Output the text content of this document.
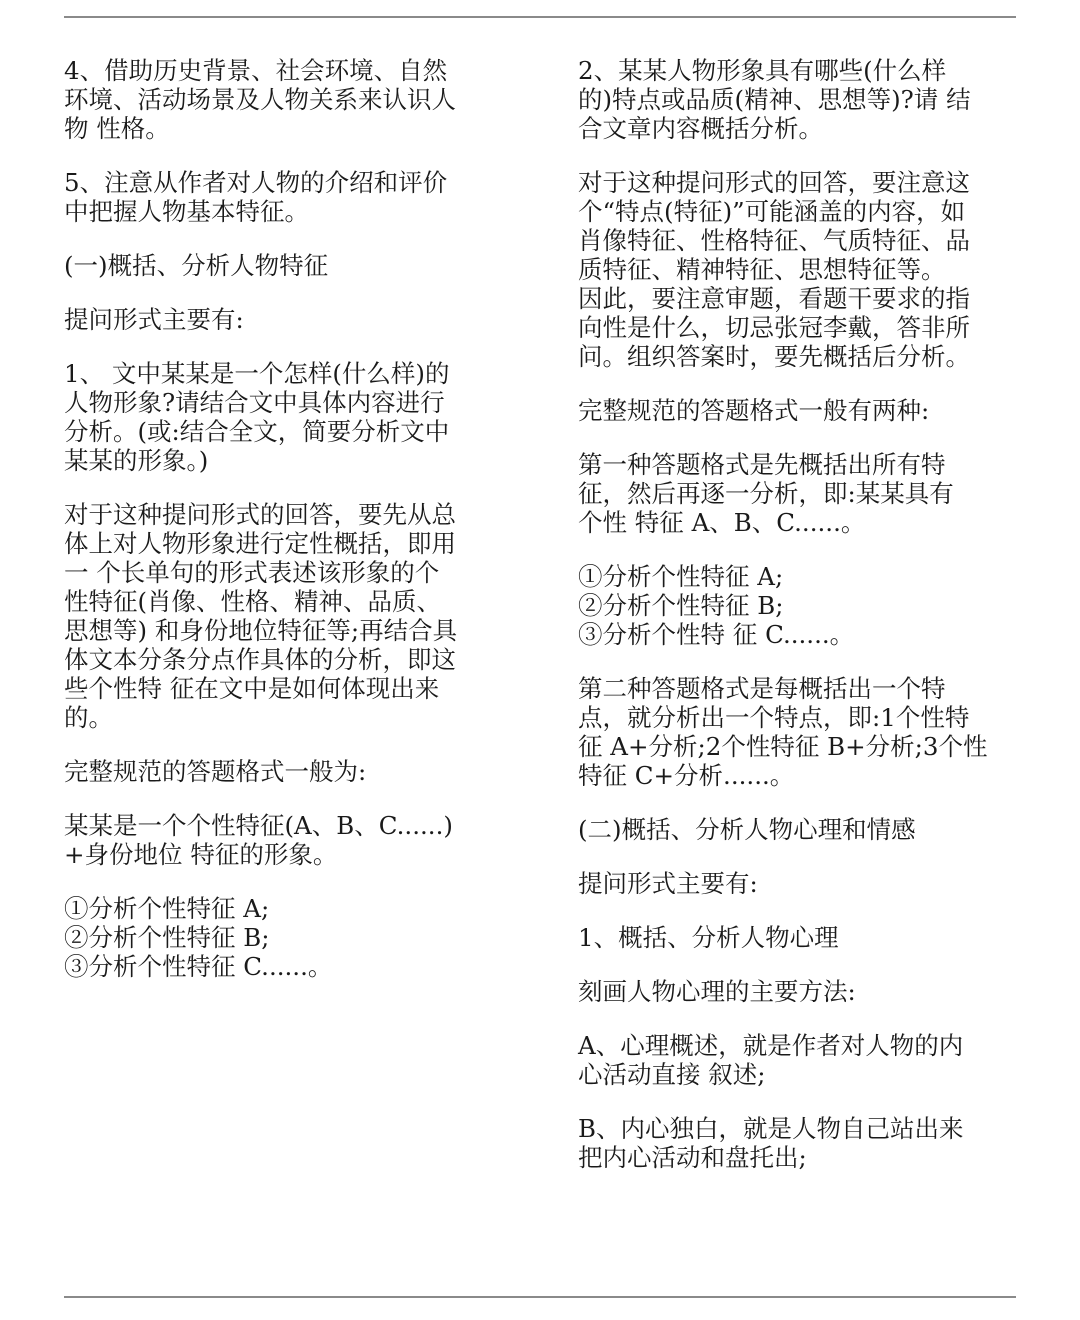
4、借助历史背景、社会环境、自然
环境、活动场景及人物关系来认识人
物 性格。
5、注意从作者对人物的介绍和评价
中把握人物基本特征。
(一)概括、分析人物特征
提问形式主要有:
1、 文中某某是一个怎样(什么样)的
人物形象?请结合文中具体内容进行
分析。(或:结合全文，简要分析文中
某某的形象。)
对于这种提问形式的回答，要先从总
体上对人物形象进行定性概括，即用
一 个长单句的形式表述该形象的个
性特征(肖像、性格、精神、品质、
思想等) 和身份地位特征等;再结合具
体文本分条分点作具体的分析，即这
些个性特 征在文中是如何体现出来
的。
完整规范的答题格式一般为:
某某是一个个性特征(A、B、C......)
+身份地位 特征的形象。
①分析个性特征 A;
②分析个性特征 B;
③分析个性特征 C......。
2、某某人物形象具有哪些(什么样
的)特点或品质(精神、思想等)?请 结
合文章内容概括分析。
对于这种提问形式的回答，要注意这
个“特点(特征)”可能涵盖的内容，如
肖像特征、性格特征、气质特征、品
质特征、精神特征、思想特征等。
因此，要注意审题，看题干要求的指
向性是什么，切忌张冠李戴，答非所
问。组织答案时，要先概括后分析。
完整规范的答题格式一般有两种:
第一种答题格式是先概括出所有特
征，然后再逐一分析，即:某某具有
个性 特征 A、B、C......。
①分析个性特征 A;
②分析个性特征 B;
③分析个性特 征 C......。
第二种答题格式是每概括出一个特
点，就分析出一个特点，即:1个性特
征 A+分析;2个性特征 B+分析;3个性
特征 C+分析......。
(二)概括、分析人物心理和情感
提问形式主要有:
1、概括、分析人物心理
刻画人物心理的主要方法:
A、心理概述，就是作者对人物的内
心活动直接 叙述;
B、内心独白，就是人物自己站出来
把内心活动和盘托出;
